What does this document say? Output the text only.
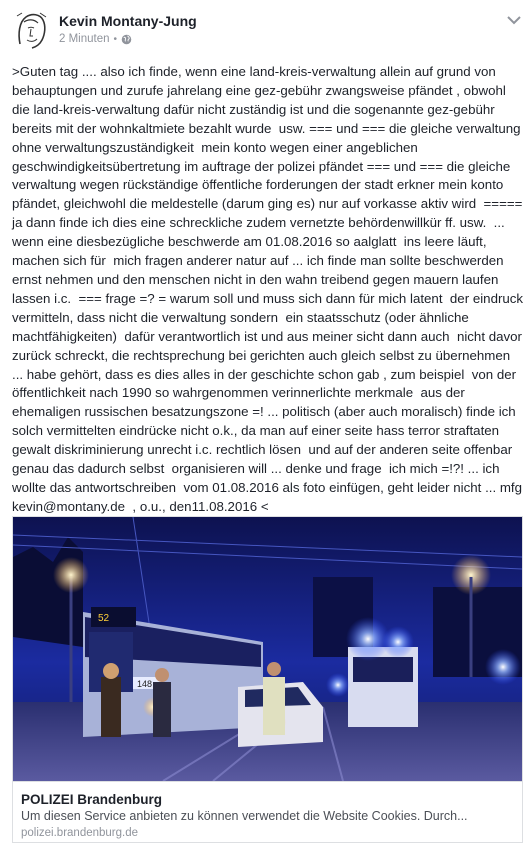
Kevin Montany-Jung
2 Minuten •
>Guten tag .... also ich finde, wenn eine land-kreis-verwaltung allein auf grund von behauptungen und zurufe jahrelang eine gez-gebühr zwangsweise pfändet , obwohl die land-kreis-verwaltung dafür nicht zuständig ist und die sogenannte gez-gebühr bereits mit der wohnkaltmiete bezahlt wurde  usw. === und === die gleiche verwaltung ohne verwaltungszuständigkeit  mein konto wegen einer angeblichen geschwindigkeitsübertretung im auftrage der polizei pfändet === und === die gleiche verwaltung wegen rückständige öffentliche forderungen der stadt erkner mein konto pfändet, gleichwohl die meldestelle (darum ging es) nur auf vorkasse aktiv wird  ===== ja dann finde ich dies eine schreckliche zudem vernetzte behördenwillkür ff. usw.  ... wenn eine diesbezügliche beschwerde am 01.08.2016 so aalglatt  ins leere läuft, machen sich für  mich fragen anderer natur auf ... ich finde man sollte beschwerden ernst nehmen und den menschen nicht in den wahn treibend gegen mauern laufen lassen i.c.  === frage =? = warum soll und muss sich dann für mich latent  der eindruck vermitteln, dass nicht die verwaltung sondern  ein staatsschutz (oder ähnliche machtfähigkeiten)  dafür verantwortlich ist und aus meiner sicht dann auch  nicht davor zurück schreckt, die rechtsprechung bei gerichten auch gleich selbst zu übernehmen ... habe gehört, dass es dies alles in der geschichte schon gab , zum beispiel  von der öffentlichkeit nach 1990 so wahrgenommen verinnerlichte merkmale  aus der ehemaligen russischen besatzungszone =! ... politisch (aber auch moralisch) finde ich solch vermittelten eindrücke nicht o.k., da man auf einer seite hass terror straftaten gewalt diskriminierung unrecht i.c. rechtlich lösen  und auf der anderen seite offenbar genau das dadurch selbst  organisieren will ... denke und frage  ich mich =!?! ... ich wollte das antwortschreiben  vom 01.08.2016 als foto einfügen, geht leider nicht ... mfg kevin@montany.de  , o.u., den11.08.2016 <
52
148
POLIZEI Brandenburg
Um diesen Service anbieten zu können verwendet die Website Cookies. Durch...
polizei.brandenburg.de
